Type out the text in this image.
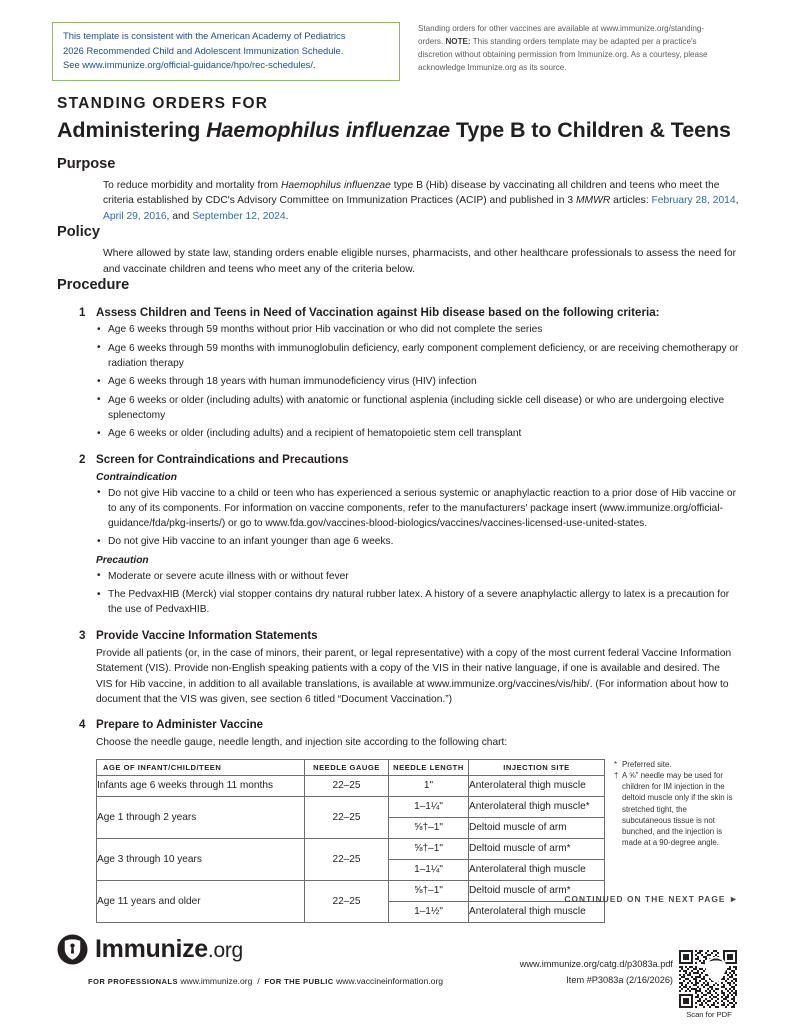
This template is consistent with the American Academy of Pediatrics
2026 Recommended Child and Adolescent Immunization Schedule.
See www.immunize.org/official-guidance/hpo/rec-schedules/.
Standing orders for other vaccines are available at www.immunize.org/standing-orders. NOTE: This standing orders template may be adapted per a practice's discretion without obtaining permission from Immunize.org. As a courtesy, please acknowledge Immunize.org as its source.
STANDING ORDERS FOR
Administering Haemophilus influenzae Type B to Children & Teens
Purpose
To reduce morbidity and mortality from Haemophilus influenzae type B (Hib) disease by vaccinating all children and teens who meet the criteria established by CDC's Advisory Committee on Immunization Practices (ACIP) and published in 3 MMWR articles: February 28, 2014, April 29, 2016, and September 12, 2024.
Policy
Where allowed by state law, standing orders enable eligible nurses, pharmacists, and other healthcare professionals to assess the need for and vaccinate children and teens who meet any of the criteria below.
Procedure
1 Assess Children and Teens in Need of Vaccination against Hib disease based on the following criteria:
• Age 6 weeks through 59 months without prior Hib vaccination or who did not complete the series
• Age 6 weeks through 59 months with immunoglobulin deficiency, early component complement deficiency, or are receiving chemotherapy or radiation therapy
• Age 6 weeks through 18 years with human immunodeficiency virus (HIV) infection
• Age 6 weeks or older (including adults) with anatomic or functional asplenia (including sickle cell disease) or who are undergoing elective splenectomy
• Age 6 weeks or older (including adults) and a recipient of hematopoietic stem cell transplant
2 Screen for Contraindications and Precautions
Contraindication
• Do not give Hib vaccine to a child or teen who has experienced a serious systemic or anaphylactic reaction to a prior dose of Hib vaccine or to any of its components. For information on vaccine components, refer to the manufacturers' package insert (www.immunize.org/official-guidance/fda/pkg-inserts/) or go to www.fda.gov/vaccines-blood-biologics/vaccines/vaccines-licensed-use-united-states.
• Do not give Hib vaccine to an infant younger than age 6 weeks.
Precaution
• Moderate or severe acute illness with or without fever
• The PedvaxHIB (Merck) vial stopper contains dry natural rubber latex. A history of a severe anaphylactic allergy to latex is a precaution for the use of PedvaxHIB.
3 Provide Vaccine Information Statements
Provide all patients (or, in the case of minors, their parent, or legal representative) with a copy of the most current federal Vaccine Information Statement (VIS). Provide non-English speaking patients with a copy of the VIS in their native language, if one is available and desired. The VIS for Hib vaccine, in addition to all available translations, is available at www.immunize.org/vaccines/vis/hib/. (For information about how to document that the VIS was given, see section 6 titled “Document Vaccination.”)
4 Prepare to Administer Vaccine
Choose the needle gauge, needle length, and injection site according to the following chart:
AGE OF INFANT/CHILD/TEEN	NEEDLE GAUGE	NEEDLE LENGTH	INJECTION SITE
Infants age 6 weeks through 11 months	22–25	1"	Anterolateral thigh muscle
Age 1 through 2 years	22–25	1–1¼"	Anterolateral thigh muscle*
		⅝†–1"	Deltoid muscle of arm
Age 3 through 10 years	22–25	⅝†–1"	Deltoid muscle of arm*
		1–1¼"	Anterolateral thigh muscle
Age 11 years and older	22–25	⅝†–1"	Deltoid muscle of arm*
		1–1½"	Anterolateral thigh muscle
* Preferred site.
† A ⅝" needle may be used for children for IM injection in the deltoid muscle only if the skin is stretched tight, the subcutaneous tissue is not bunched, and the injection is made at a 90-degree angle.
CONTINUED ON THE NEXT PAGE ►
Immunize.org
FOR PROFESSIONALS www.immunize.org / FOR THE PUBLIC www.vaccineinformation.org
www.immunize.org/catg.d/p3083a.pdf
Item #P3083a (2/16/2026)
Scan for PDF
